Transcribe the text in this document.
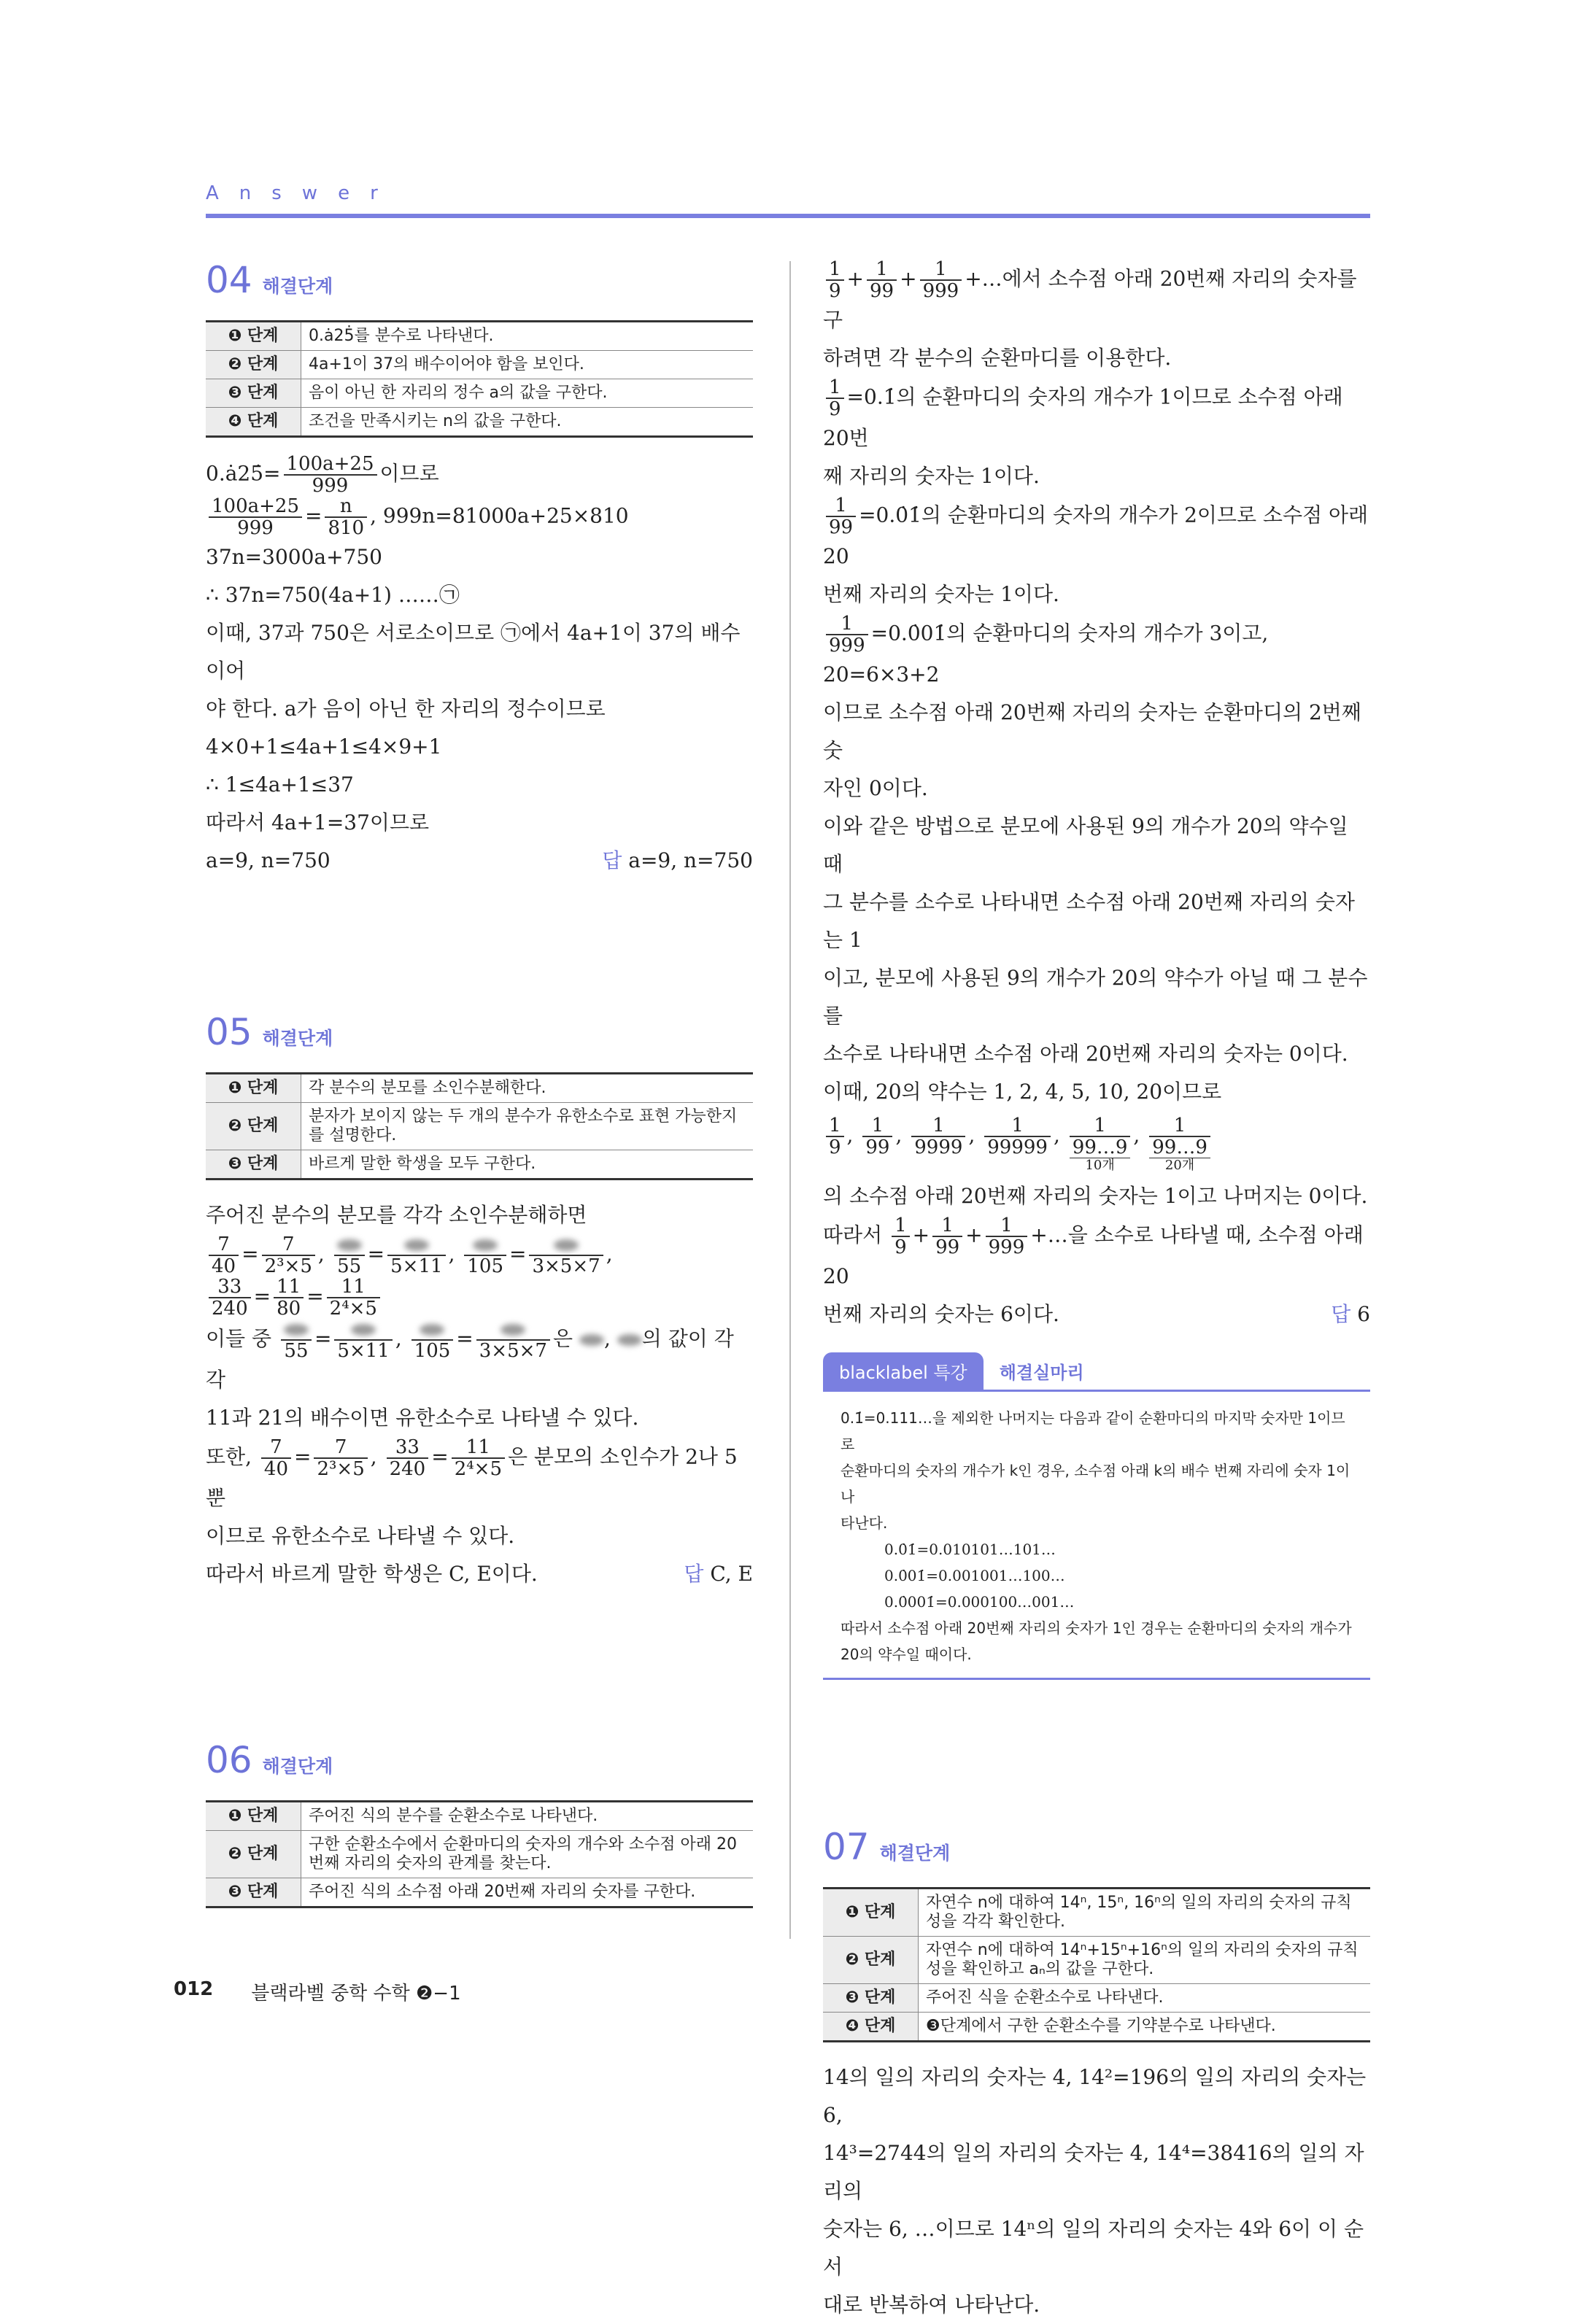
Answer
04 해결단계
❶ 단계	0.ȧ25̇를 분수로 나타낸다.
❷ 단계	4a+1이 37의 배수이어야 함을 보인다.
❸ 단계	음이 아닌 한 자리의 정수 a의 값을 구한다.
❹ 단계	조건을 만족시키는 n의 값을 구한다.
0.ȧ25̇= $\frac{100a+25}{999}$ 이므로
$\frac{100a+25}{999} = \frac{n}{810}$ , 999n=81000a+25×810
37n=3000a+750
∴ 37n=750(4a+1) ……㉠
이때, 37과 750은 서로소이므로 ㉠에서 4a+1이 37의 배수이어
야 한다. a가 음이 아닌 한 자리의 정수이므로
4×0+1≤4a+1≤4×9+1
∴ 1≤4a+1≤37
따라서 4a+1=37이므로
a=9, n=750	답 a=9, n=750
05 해결단계
❶ 단계	각 분수의 분모를 소인수분해한다.
❷ 단계	분자가 보이지 않는 두 개의 분수가 유한소수로 표현 가능한지를 설명한다.
❸ 단계	바르게 말한 학생을 모두 구한다.
주어진 분수의 분모를 각각 소인수분해하면
$\frac{7}{40} = \frac{7}{\text{2³×5}}$ ,
55
=
5×11
,
105
=
3×5×7
,
$\frac{33}{240} = \frac{11}{80} = \frac{11}{\text{2⁴×5}}$
이들 중
55
=
5×11
,
105
=
3×5×7
은 , 의 값이 각각
11과 21의 배수이면 유한소수로 나타낼 수 있다.
또한, $\frac{7}{40} = \frac{7}{\text{2³×5}}$ , $\frac{33}{240} = \frac{11}{\text{2⁴×5}}$ 은 분모의 소인수가 2나 5뿐
이므로 유한소수로 나타낼 수 있다.
따라서 바르게 말한 학생은 C, E이다.	답 C, E
06 해결단계
❶ 단계	주어진 식의 분수를 순환소수로 나타낸다.
❷ 단계	구한 순환소수에서 순환마디의 숫자의 개수와 소수점 아래 20번째 자리의 숫자의 관계를 찾는다.
❸ 단계	주어진 식의 소수점 아래 20번째 자리의 숫자를 구한다.
$\frac{1}{9} + \frac{1}{99} + \frac{1}{999}$ +…에서 소수점 아래 20번째 자리의 숫자를 구
하려면 각 분수의 순환마디를 이용한다.
$\frac{1}{9}$ =0.1̇의 순환마디의 숫자의 개수가 1이므로 소수점 아래 20번
째 자리의 숫자는 1이다.
$\frac{1}{99}$ =0.0̇1̇의 순환마디의 숫자의 개수가 2이므로 소수점 아래 20
번째 자리의 숫자는 1이다.
$\frac{1}{999}$ =0.0̇01̇의 순환마디의 숫자의 개수가 3이고, 20=6×3+2
이므로 소수점 아래 20번째 자리의 숫자는 순환마디의 2번째 숫
자인 0이다.
이와 같은 방법으로 분모에 사용된 9의 개수가 20의 약수일 때
그 분수를 소수로 나타내면 소수점 아래 20번째 자리의 숫자는 1
이고, 분모에 사용된 9의 개수가 20의 약수가 아닐 때 그 분수를
소수로 나타내면 소수점 아래 20번째 자리의 숫자는 0이다.
이때, 20의 약수는 1, 2, 4, 5, 10, 20이므로
$\frac{1}{9}$ , $\frac{1}{99}$ , $\frac{1}{9999}$ , $\frac{1}{99999}$ ,	1
99…9
10개
,	1
99…9
20개
의 소수점 아래 20번째 자리의 숫자는 1이고 나머지는 0이다.
따라서 $\frac{1}{9} + \frac{1}{99} + \frac{1}{999}$ +…을 소수로 나타낼 때, 소수점 아래 20
번째 자리의 숫자는 6이다.	답 6
blacklabel 특강	해결실마리
0.1̇=0.111…을 제외한 나머지는 다음과 같이 순환마디의 마지막 숫자만 1이므로
순환마디의 숫자의 개수가 k인 경우, 소수점 아래 k의 배수 번째 자리에 숫자 1이 나
타난다.
0.0̇1̇=0.010101…101…
0.0̇01̇=0.001001…100…
0.0̇001̇=0.000100…001…
따라서 소수점 아래 20번째 자리의 숫자가 1인 경우는 순환마디의 숫자의 개수가
20의 약수일 때이다.
07 해결단계
❶ 단계	자연수 n에 대하여 14ⁿ, 15ⁿ, 16ⁿ의 일의 자리의 숫자의 규칙성을 각각 확인한다.
❷ 단계	자연수 n에 대하여 14ⁿ+15ⁿ+16ⁿ의 일의 자리의 숫자의 규칙성을 확인하고 aₙ의 값을 구한다.
❸ 단계	주어진 식을 순환소수로 나타낸다.
❹ 단계	❸단계에서 구한 순환소수를 기약분수로 나타낸다.
14의 일의 자리의 숫자는 4, 14²=196의 일의 자리의 숫자는 6,
14³=2744의 일의 자리의 숫자는 4, 14⁴=38416의 일의 자리의
숫자는 6, …이므로 14ⁿ의 일의 자리의 숫자는 4와 6이 이 순서
대로 반복하여 나타난다.
012 블랙라벨 중학 수학 ❷−1
